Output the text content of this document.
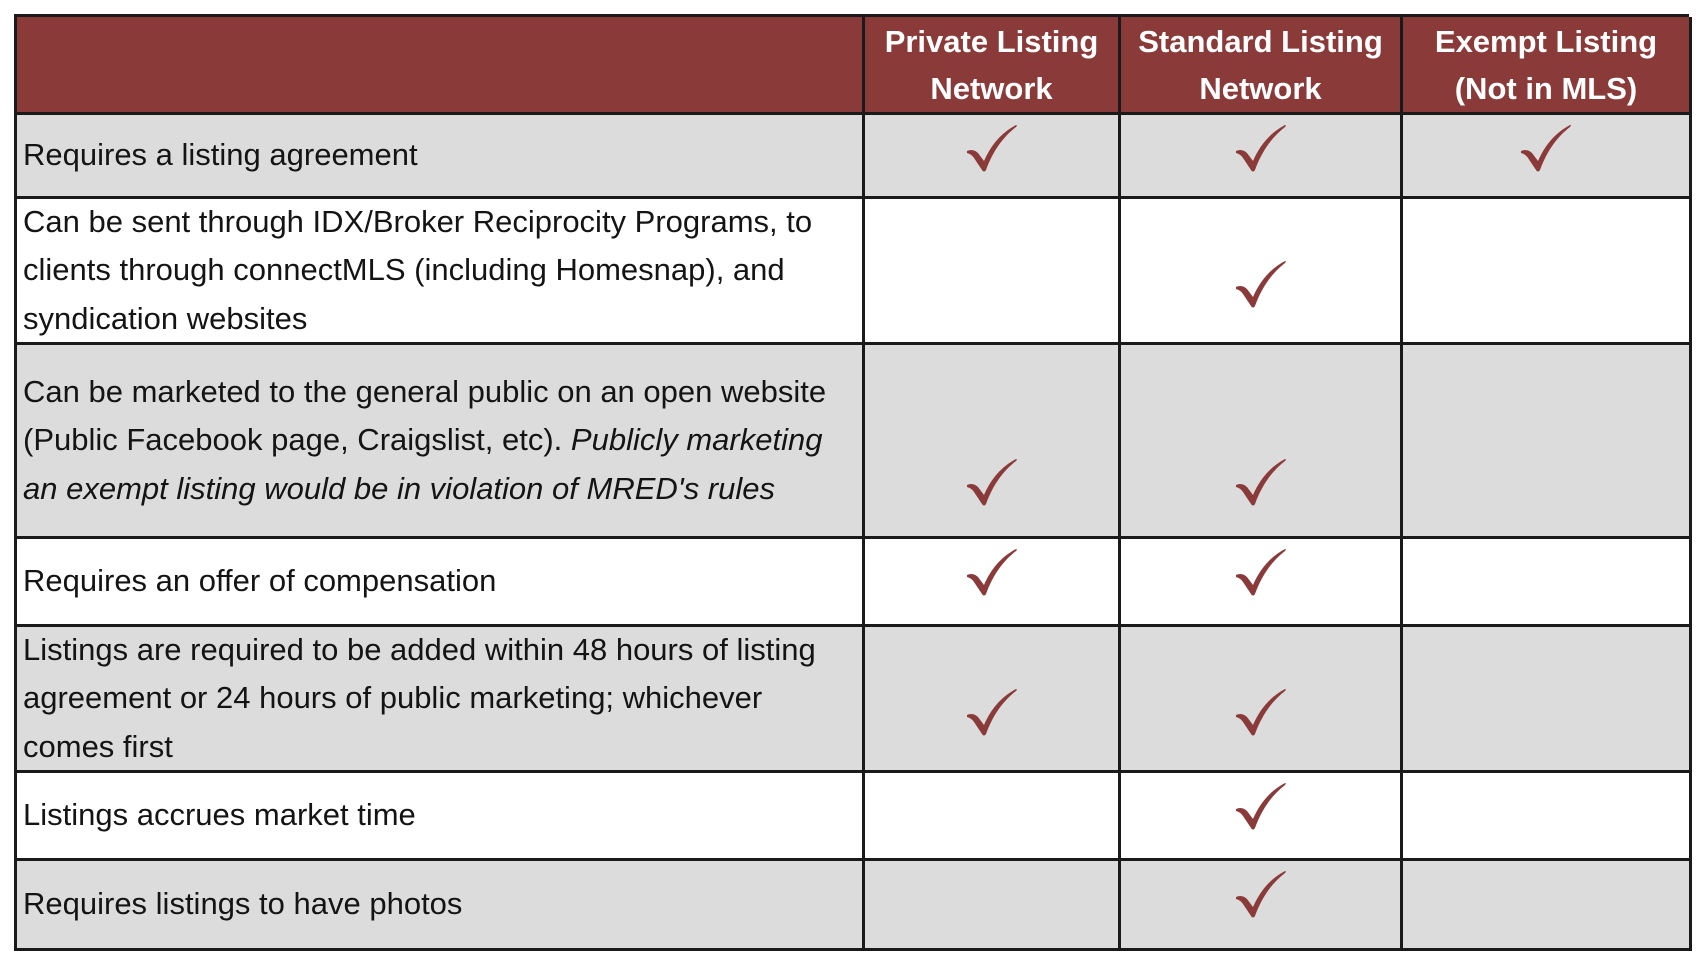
Private Listing
Network
Standard Listing
Network
Exempt Listing
(Not in MLS)
Requires a listing agreement
Can be sent through IDX/Broker Reciprocity Programs, to clients through connectMLS (including Homesnap), and syndication websites
Can be marketed to the general public on an open website (Public Facebook page, Craigslist, etc). Publicly marketing an exempt listing would be in violation of MRED's rules
Requires an offer of compensation
Listings are required to be added within 48 hours of listing agreement or 24 hours of public marketing; whichever comes first
Listings accrues market time
Requires listings to have photos
